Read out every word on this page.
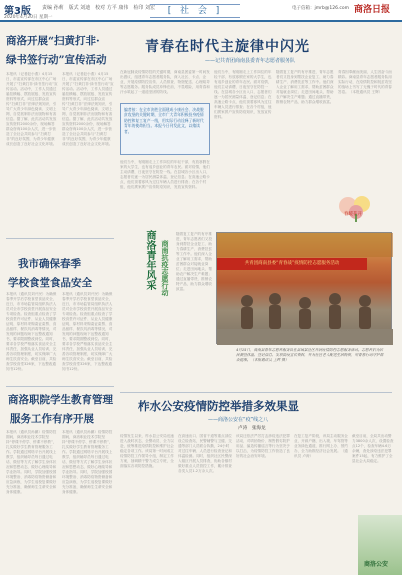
第3版 责编 孙莉　版式 刘迪　校对 方平 康伟　检印 刘宏
2020年4月20日 星期一
[ 社 会 ]	电子信箱：jmrb@126.com 商洛日报
商洛开展“扫黄打非·
绿书签行动”宣传活动
本报讯（记者赵小燕）4月15日，市委宣传部在市区中心广场开展了“扫黄打非·绿书签行动”宣传活动。活动中，工作人员通过悬挂横幅、摆放展板、发放宣传资料等形式，向过往群众宣传“扫黄打非”法律法规知识，引导广大青少年绿色阅读、文明上网，自觉抵制非法出版物和有害信息。据了解，此次活动共发放宣传资料2000余份，现场解答群众咨询100余人次，进一步营造了全社会共同参与“扫黄打非”的良好氛围，为青少年健康成长创造了良好社会文化环境。
本报讯（记者赵小燕）4月15日，市委宣传部在市区中心广场开展了“扫黄打非·绿书签行动”宣传活动。活动中，工作人员通过悬挂横幅、摆放展板、发放宣传资料等形式，向过往群众宣传“扫黄打非”法律法规知识，引导广大青少年绿色阅读、文明上网，自觉抵制非法出版物和有害信息。据了解，此次活动共发放宣传资料2000余份，现场解答群众咨询100余人次，进一步营造了全社会共同参与“扫黄打非”的良好氛围，为青少年健康成长创造了良好社会文化环境。
青春在时代主旋律中闪光
——记共青团商南县委青年志愿者服务队
在新冠肺炎疫情防控的关键时期，商南县团委第一时间发出倡议，组建青年志愿者服务队，深入社区、卡点、企业，开展疫情防控宣传、人员排查、物资配送、心理疏导等志愿服务。服务队成员冲锋在前，不畏艰险，用青春和汗水筑起了一道道坚固的防线。
编者按：在全市决胜全面建成小康社会、决战脱贫攻坚的关键时期，全市广大青年积极投身疫情防控和复工复产一线，用实际行动诠释了新时代青年的使命担当。本报今日刊发此文，以飨读者。
他们当中，有刚刚走上工作岗位的年轻干部，有放寒假在家的大学生，也有返乡创业的青年农民。面对疫情，他们主动请缨，日夜坚守在防控一线。在县城各小区出入口，志愿者们逐一为居民测量体温、登记信息；在高速公路卡点，他们顶着寒风为过往车辆人员进行排查；在各个村组，他们挨家挨户宣传防疫知识，发放宣传资料。
他们当中，有刚刚走上工作岗位的年轻干部，有放寒假在家的大学生，也有返乡创业的青年农民。面对疫情，他们主动请缨，日夜坚守在防控一线。在县城各小区出入口，志愿者们逐一为居民测量体温、登记信息；在高速公路卡点，他们顶着寒风为过往车辆人员进行排查；在各个村组，他们挨家挨户宣传防疫知识，发放宣传资料。
随着复工复产的有序推进，青年志愿者们又投身到帮扶企业复工、助力春耕生产、消费扶贫等工作中。他们深入企业了解用工需求，帮助贫困群众对接就业岗位；走进田间地头，帮助农户解决生产难题；通过直播带货，推销农特产品，助力群众增收致富。
青春因奉献而美丽，人生因奋斗而精彩。商南县青年志愿者服务队用实际行动，在疫情防控和脱贫攻坚的战场上书写了无愧于时代的青春答卷。（本报通讯员 王辉）
春暖花开
商洛青年风采 商南抗疫志愿行动
随着复工复产的有序推进，青年志愿者们又投身到帮扶企业复工、助力春耕生产、消费扶贫等工作中。他们深入企业了解用工需求，帮助贫困群众对接就业岗位；走进田间地头，帮助农户解决生产难题；通过直播带货，推销农特产品，助力群众增收致富。
共青团商南县委“青春战”疫情防控志愿服务活动
4月15日，商南县青年志愿者服务队在县城某社区开展疫情防控志愿服务活动。志愿者们为居民测量体温、登记信息、发放防疫宣传资料，并为社区老人配送生活物资，用青春行动守护群众健康。（本报通讯员 王辉 摄）
我市确保春季
学校食堂食品安全
本报讯（通讯员刘兴民）为确保春季开学后学校食堂食品安全，近日，市市场监管局组织执法人员对全市学校食堂开展食品安全专项检查。检查组重点检查了学校食堂许可证件、从业人员健康证明、原材料采购索证索票、食品留样、餐饮具消毒等情况，对发现的问题现场下达整改通知书，要求限期整改到位。同时，要求各学校严格落实食品安全主体责任，加强从业人员培训，完善各项管理制度，切实保障广大师生饮食安全。截至目前，共检查学校食堂326家，下达整改通知书12份。
本报讯（通讯员刘兴民）为确保春季开学后学校食堂食品安全，近日，市市场监管局组织执法人员对全市学校食堂开展食品安全专项检查。检查组重点检查了学校食堂许可证件、从业人员健康证明、原材料采购索证索票、食品留样、餐饮具消毒等情况，对发现的问题现场下达整改通知书，要求限期整改到位。同时，要求各学校严格落实食品安全主体责任，加强从业人员培训，完善各项管理制度，切实保障广大师生饮食安全。截至目前，共检查学校食堂326家，下达整改通知书12份。
商洛职院学生教育管理
服务工作有序开展
本报讯（通讯员孙鹏）疫情防控期间，商洛职业技术学院坚持“停课不停学、停课不停教”，扎实做好学生教育管理服务工作。学院通过网络平台开展线上教学，组织辅导员每日通过电话、微信等方式了解学生身体状况和思想动态，做好心理疏导和学业指导。同时，学院加强校园环境整治、消毒防疫物资储备和应急演练，为学生返校复课做好充分准备，确保师生生命安全和身体健康。
本报讯（通讯员孙鹏）疫情防控期间，商洛职业技术学院坚持“停课不停学、停课不停教”，扎实做好学生教育管理服务工作。学院通过网络平台开展线上教学，组织辅导员每日通过电话、微信等方式了解学生身体状况和思想动态，做好心理疏导和学业指导。同时，学院加强校园环境整治、消毒防疫物资储备和应急演练，为学生返校复课做好充分准备，确保师生生命安全和身体健康。
柞水公安疫情防控举措多效果显
——商洛公安在“疫”线之八
卢涛　张海龙
疫情发生以来，柞水县公安局迅速进入战时状态，全警动员、全力以赴，统筹推进疫情防控和维护社会稳定各项工作。该局第一时间成立疫情防控工作领导小组，制定工作方案，抽调精干警力成立专班，全面落实各项防控措施。
在高速出口、国省干道等重点部位设立检查站，民警辅警与卫健、交通等部门人员联合执勤，24小时对过往车辆、人员进行检查登记和体温检测。同时，组织社区民警深入辖区开展人员排查，协助各镇村做好重点人员管控工作，累计排查各类人员1.2万余人次。
该局还依法严厉打击涉疫违法犯罪活动，对哄抬物价、制售假劣防护用品、编造传播谣言等行为坚决予以打击，为疫情防控工作营造了良好的社会治安环境。
在复工复产阶段，该局主动服务企业，开辟户籍、出入境、车驾管等业务绿色通道，推行网上办、预约办，全力助推经济社会发展。（通讯员 卢涛）
截至目前，全局共出动警力3800余人次，设置检查点12个，检查车辆4.6万余辆，查处涉疫违法犯罪案件15起，有力维护了全县社会大局稳定。
商洛公安
